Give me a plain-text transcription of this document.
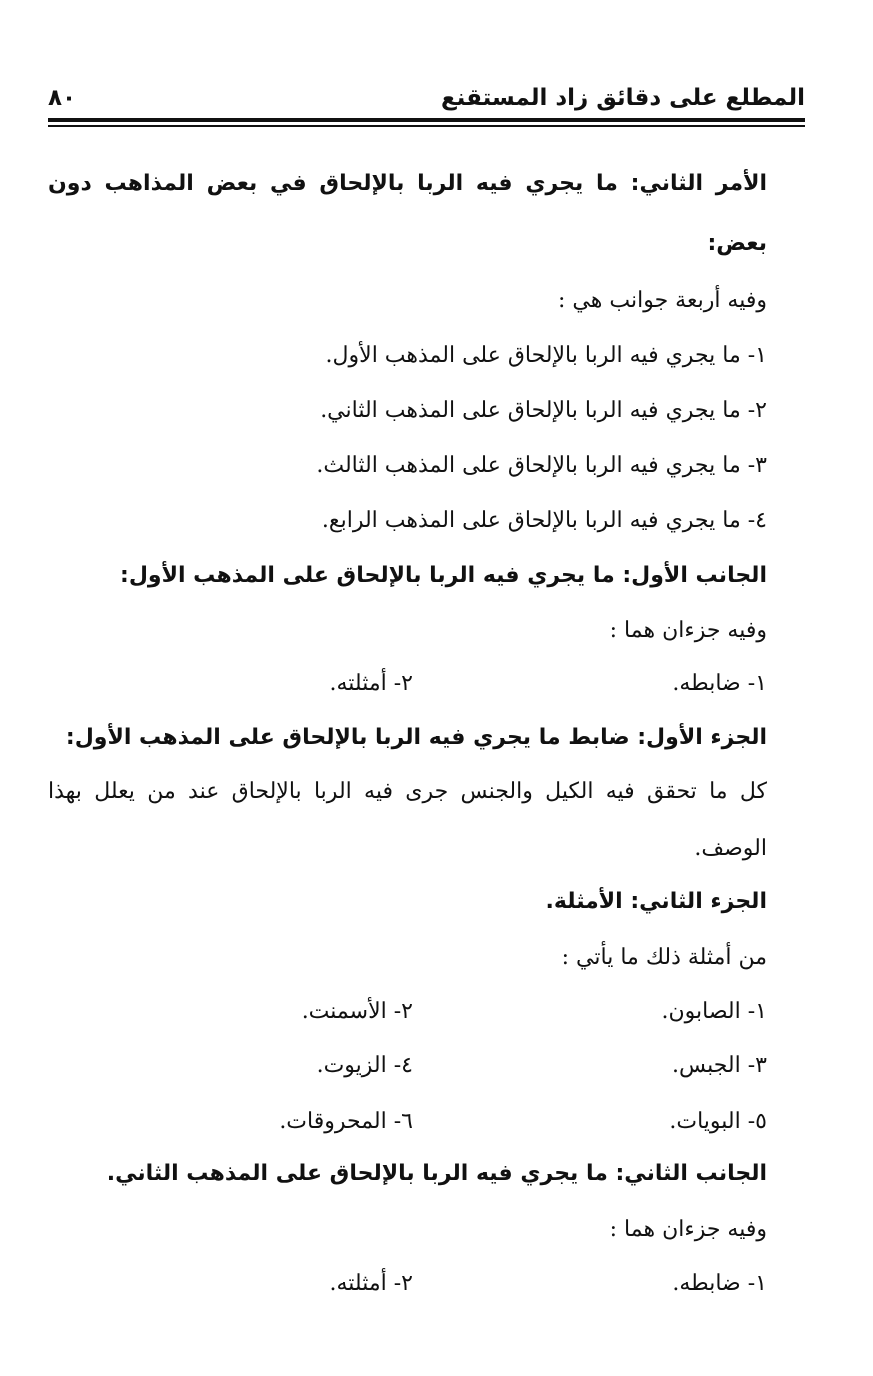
المطلع على دقائق زاد المستقنع
٨٠
الأمر الثاني: ما يجري فيه الربا بالإلحاق في بعض المذاهب دون
بعض:
وفيه أربعة جوانب هي :
١- ما يجري فيه الربا بالإلحاق على المذهب الأول.
٢- ما يجري فيه الربا بالإلحاق على المذهب الثاني.
٣- ما يجري فيه الربا بالإلحاق على المذهب الثالث.
٤- ما يجري فيه الربا بالإلحاق على المذهب الرابع.
الجانب الأول: ما يجري فيه الربا بالإلحاق على المذهب الأول:
وفيه جزءان هما :
١- ضابطه.
٢- أمثلته.
الجزء الأول: ضابط ما يجري فيه الربا بالإلحاق على المذهب الأول:
كل ما تحقق فيه الكيل والجنس جرى فيه الربا بالإلحاق عند من يعلل بهذا
الوصف.
الجزء الثاني: الأمثلة.
من أمثلة ذلك ما يأتي :
١- الصابون.
٢- الأسمنت.
٣- الجبس.
٤- الزيوت.
٥- البويات.
٦- المحروقات.
الجانب الثاني: ما يجري فيه الربا بالإلحاق على المذهب الثاني.
وفيه جزءان هما :
١- ضابطه.
٢- أمثلته.
